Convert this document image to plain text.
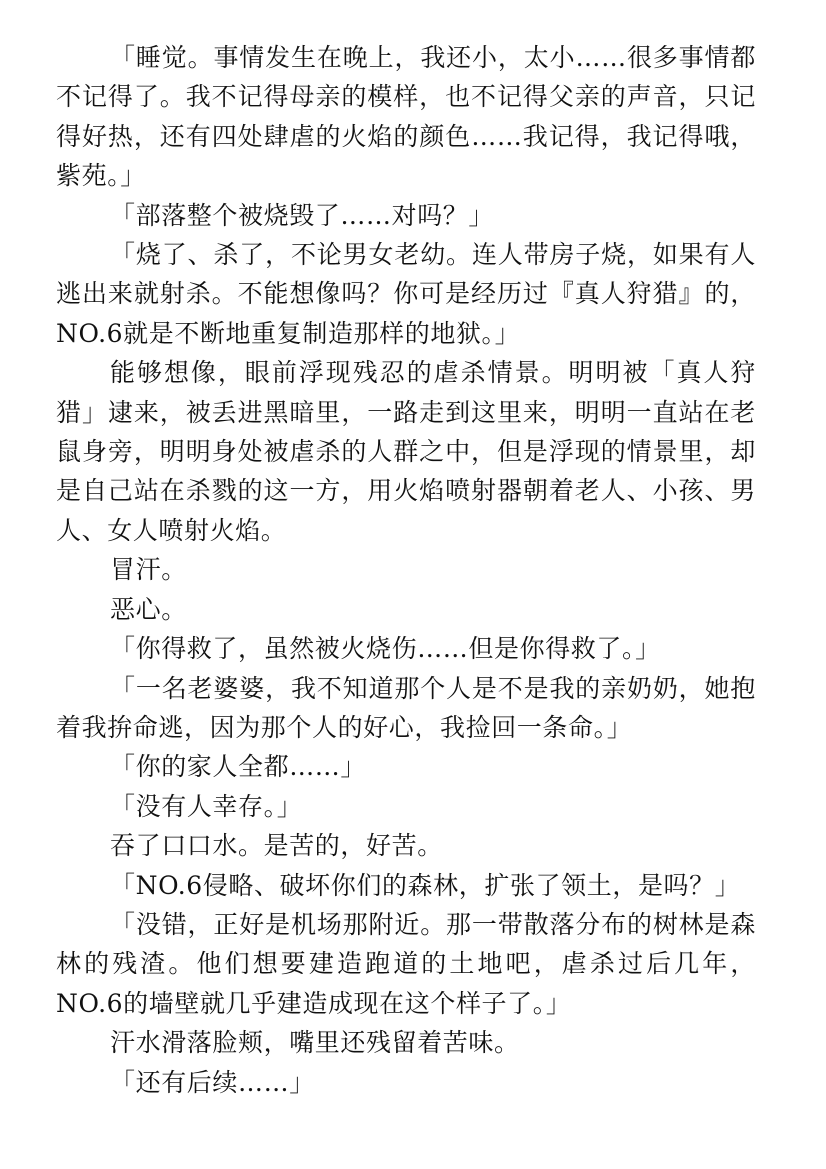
「睡觉。事情发生在晚上，我还小，太小……很多事情都不记得了。我不记得母亲的模样，也不记得父亲的声音，只记得好热，还有四处肆虐的火焰的颜色……我记得，我记得哦，紫苑。」

「部落整个被烧毁了……对吗？」

「烧了、杀了，不论男女老幼。连人带房子烧，如果有人逃出来就射杀。不能想像吗？你可是经历过『真人狩猎』的，NO.6就是不断地重复制造那样的地狱。」

能够想像，眼前浮现残忍的虐杀情景。明明被「真人狩猎」逮来，被丢进黑暗里，一路走到这里来，明明一直站在老鼠身旁，明明身处被虐杀的人群之中，但是浮现的情景里，却是自己站在杀戮的这一方，用火焰喷射器朝着老人、小孩、男人、女人喷射火焰。

冒汗。

恶心。

「你得救了，虽然被火烧伤……但是你得救了。」

「一名老婆婆，我不知道那个人是不是我的亲奶奶，她抱着我拚命逃，因为那个人的好心，我捡回一条命。」

「你的家人全都……」

「没有人幸存。」

吞了口口水。是苦的，好苦。

「NO.6侵略、破坏你们的森林，扩张了领土，是吗？」

「没错，正好是机场那附近。那一带散落分布的树林是森林的残渣。他们想要建造跑道的土地吧，虐杀过后几年，NO.6的墙壁就几乎建造成现在这个样子了。」

汗水滑落脸颊，嘴里还残留着苦味。

「还有后续……」
